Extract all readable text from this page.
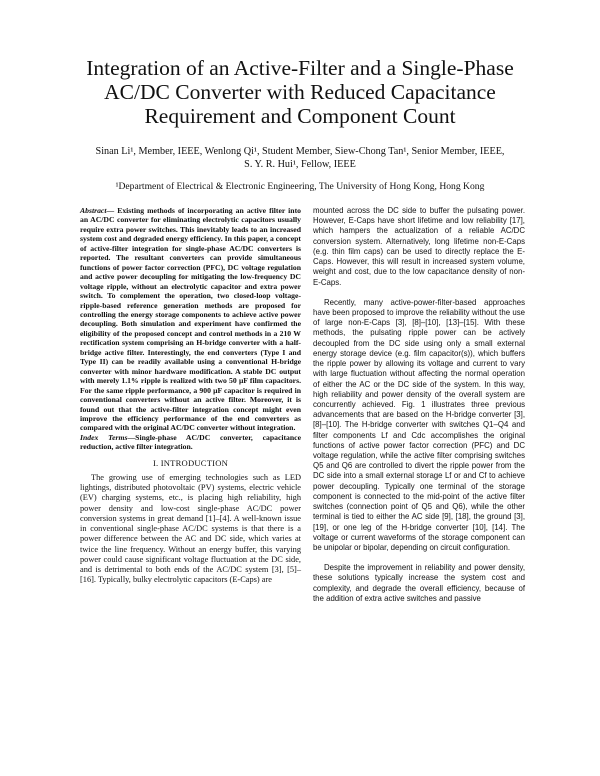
Integration of an Active-Filter and a Single-Phase
AC/DC Converter with Reduced Capacitance
Requirement and Component Count
Sinan Li¹, Member, IEEE, Wenlong Qi¹, Student Member, Siew-Chong Tan¹, Senior Member, IEEE,
S. Y. R. Hui¹, Fellow, IEEE
¹Department of Electrical & Electronic Engineering, The University of Hong Kong, Hong Kong

Abstract— Existing methods of incorporating an active filter into an AC/DC converter for eliminating electrolytic capacitors usually require extra power switches. This inevitably leads to an increased system cost and degraded energy efficiency. In this paper, a concept of active-filter integration for single-phase AC/DC converters is reported. The resultant converters can provide simultaneous functions of power factor correction (PFC), DC voltage regulation and active power decoupling for mitigating the low-frequency DC voltage ripple, without an electrolytic capacitor and extra power switch. To complement the operation, two closed-loop voltage-ripple-based reference generation methods are proposed for controlling the energy storage components to achieve active power decoupling. Both simulation and experiment have confirmed the eligibility of the proposed concept and control methods in a 210 W rectification system comprising an H-bridge converter with a half-bridge active filter. Interestingly, the end converters (Type I and Type II) can be readily available using a conventional H-bridge converter with minor hardware modification. A stable DC output with merely 1.1% ripple is realized with two 50 μF film capacitors. For the same ripple performance, a 900 μF capacitor is required in conventional converters without an active filter. Moreover, it is found out that the active-filter integration concept might even improve the efficiency performance of the end converters as compared with the original AC/DC converter without integration.

Index Terms—Single-phase AC/DC converter, capacitance reduction, active filter integration.

I. INTRODUCTION

The growing use of emerging technologies such as LED lightings, distributed photovoltaic (PV) systems, electric vehicle (EV) charging systems, etc., is placing high reliability, high power density and low-cost single-phase AC/DC power conversion systems in great demand [1]–[4]. A well-known issue in conventional single-phase AC/DC systems is that there is a power difference between the AC and DC side, which varies at twice the line frequency. Without an energy buffer, this varying power could cause significant voltage fluctuation at the DC side, and is detrimental to both ends of the AC/DC system [3], [5]–[16]. Typically, bulky electrolytic capacitors (E-Caps) are

mounted across the DC side to buffer the pulsating power. However, E-Caps have short lifetime and low reliability [17], which hampers the actualization of a reliable AC/DC conversion system. Alternatively, long lifetime non-E-Caps (e.g. thin film caps) can be used to directly replace the E-Caps. However, this will result in increased system volume, weight and cost, due to the low capacitance density of non-E-Caps.

Recently, many active-power-filter-based approaches have been proposed to improve the reliability without the use of large non-E-Caps [3], [8]–[10], [13]–[15]. With these methods, the pulsating ripple power can be actively decoupled from the DC side using only a small external energy storage device (e.g. film capacitor(s)), which buffers the ripple power by allowing its voltage and current to vary with large fluctuation without affecting the normal operation of either the AC or the DC side of the system. In this way, high reliability and power density of the overall system are concurrently achieved. Fig. 1 illustrates three previous advancements that are based on the H-bridge converter [3], [8]–[10]. The H-bridge converter with switches Q1–Q4 and filter components Lf and Cdc accomplishes the original functions of active power factor correction (PFC) and DC voltage regulation, while the active filter comprising switches Q5 and Q6 are controlled to divert the ripple power from the DC side into a small external storage Lf or and Cf to achieve power decoupling. Typically one terminal of the storage component is connected to the mid-point of the active filter switches (connection point of Q5 and Q6), while the other terminal is tied to either the AC side [9], [18], the ground [3], [19], or one leg of the H-bridge converter [10], [14]. The voltage or current waveforms of the storage component can be unipolar or bipolar, depending on circuit configuration.

Despite the improvement in reliability and power density, these solutions typically increase the system cost and complexity, and degrade the overall efficiency, because of the addition of extra active switches and passive
